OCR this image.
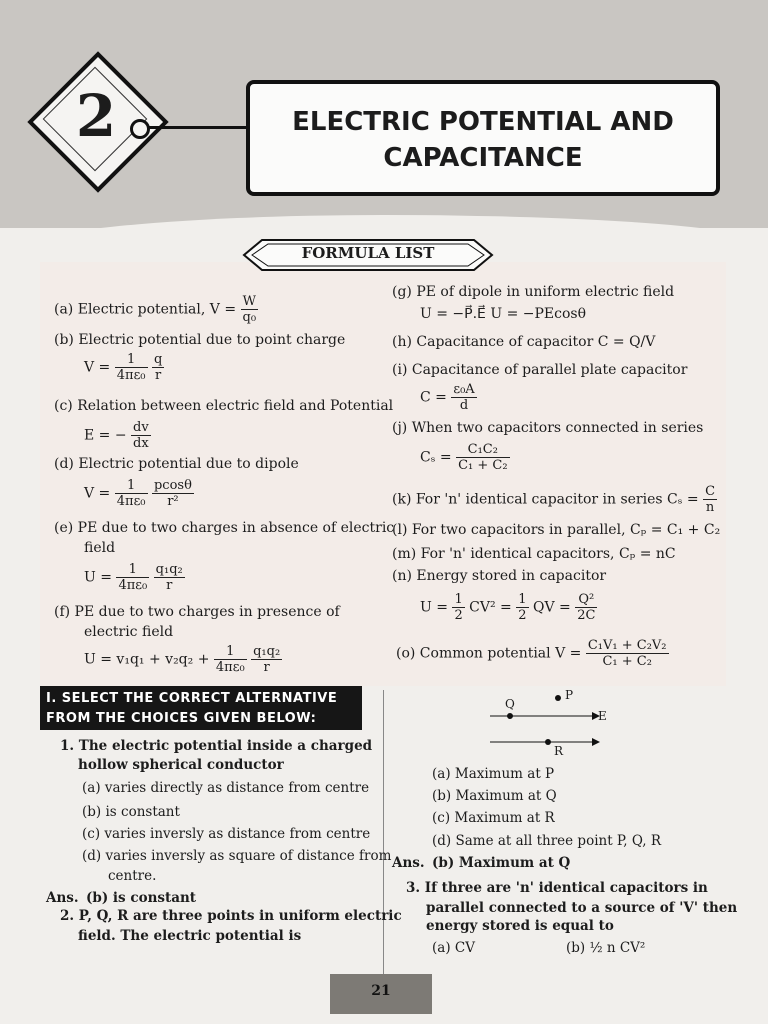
2	ELECTRIC POTENTIAL AND
CAPACITANCE
FORMULA LIST
(a) Electric potential, $V = \frac{W}{\text{q₀}}$
(b) Electric potential due to point charge
$V = \frac{1}{\text{4πε₀}}$
$\frac{q}{r}$
(c) Relation between electric field and Potential
E = − $\frac{dv}{dx}$
(d) Electric potential due to dipole
$V = \frac{1}{\text{4πε₀}}$
$\frac{pcos\theta}{\text{r²}}$
(e) PE due to two charges in absence of electric
field
$U = \frac{1}{\text{4πε₀}}$
$\frac{\text{q₁q₂}}{r}$
(f) PE due to two charges in presence of
electric field
$U = v_1q_1 + v_2q_2 + \frac{1}{\text{4πε₀}}$
$\frac{\text{q₁q₂}}{r}$
(g) PE of dipole in uniform electric field
U = −P⃗.E⃗ U = −PEcosθ
(h) Capacitance of capacitor C = Q/V
(i) Capacitance of parallel plate capacitor
$C = \frac{\text{ε₀A}}{d}$
(j) When two capacitors connected in series
$C_s = \frac{\text{C₁C₂}}{\text{C₁ + C₂}}$
(k) For 'n' identical capacitor in series $C_s = \frac{C}{n}$
(l) For two capacitors in parallel, Cₚ = C₁ + C₂
(m) For 'n' identical capacitors, Cₚ = nC
(n) Energy stored in capacitor
$U = \frac{1}{2} CV^2 = \frac{1}{2}$ QV = $\frac{\text{Q²}}{2C}$
(o) Common potential $V = \frac{\text{C₁V₁ + C₂V₂}}{\text{C₁ + C₂}}$
I. SELECT THE CORRECT ALTERNATIVE
FROM THE CHOICES GIVEN BELOW:
1. The electric potential inside a charged
hollow spherical conductor
(a) varies directly as distance from centre
(b) is constant
(c) varies inversly as distance from centre
(d) varies inversly as square of distance from
centre.
Ans. (b) is constant
2. P, Q, R are three points in uniform electric
field. The electric potential is
Q
P
R
E
(a) Maximum at P
(b) Maximum at Q
(c) Maximum at R
(d) Same at all three point P, Q, R
Ans. (b) Maximum at Q
3. If three are 'n' identical capacitors in
parallel connected to a source of 'V' then
energy stored is equal to
(a) CV	(b) ½ n CV²
21
